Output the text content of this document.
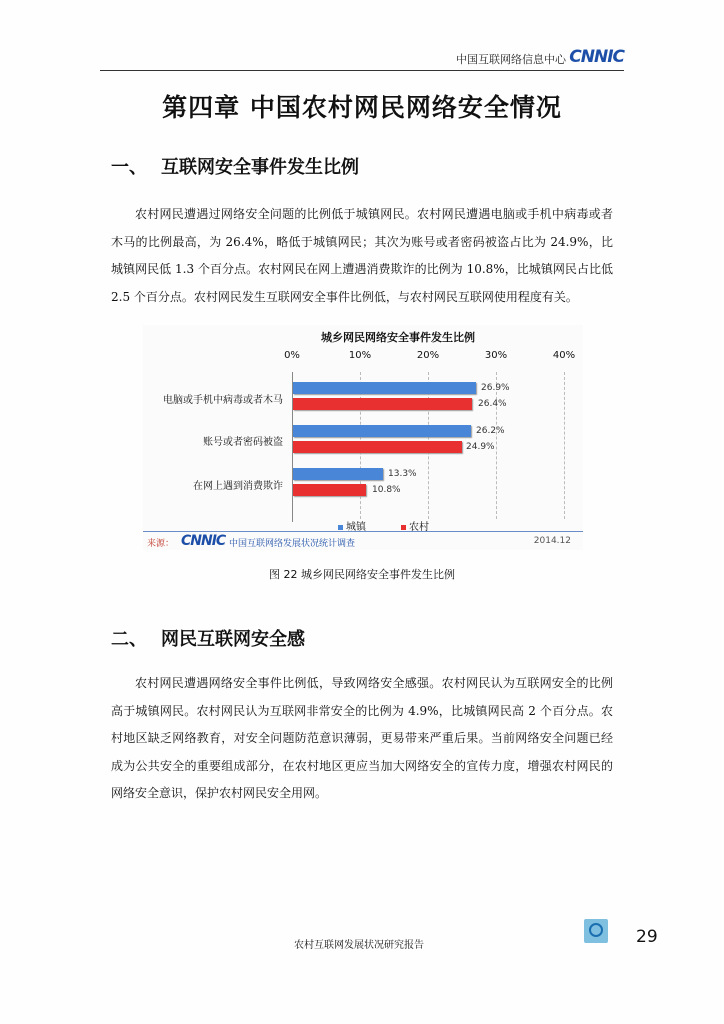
中国互联网络信息中心 CNNIC
第四章 中国农村网民网络安全情况
一、 互联网安全事件发生比例

农村网民遭遇过网络安全问题的比例低于城镇网民。农村网民遭遇电脑或手机中病毒或者木马的比例最高，为 26.4%，略低于城镇网民；其次为账号或者密码被盗占比为 24.9%，比城镇网民低 1.3 个百分点。农村网民在网上遭遇消费欺诈的比例为 10.8%，比城镇网民占比低 2.5 个百分点。农村网民发生互联网安全事件比例低，与农村网民互联网使用程度有关。

城乡网民网络安全事件发生比例
0%	10%	20%	30%	40%
电脑或手机中病毒或者木马
26.9%
26.4%
账号或者密码被盗
26.2%
24.9%
在网上遇到消费欺诈
13.3%
10.8%
城镇	农村
来源： CNNIC 中国互联网络发展状况统计调查	2014.12
图 22 城乡网民网络安全事件发生比例
二、 网民互联网安全感

农村网民遭遇网络安全事件比例低，导致网络安全感强。农村网民认为互联网安全的比例高于城镇网民。农村网民认为互联网非常安全的比例为 4.9%，比城镇网民高 2 个百分点。农村地区缺乏网络教育，对安全问题防范意识薄弱，更易带来严重后果。当前网络安全问题已经成为公共安全的重要组成部分，在农村地区更应当加大网络安全的宣传力度，增强农村网民的网络安全意识，保护农村网民安全用网。

农村互联网发展状况研究报告	29
